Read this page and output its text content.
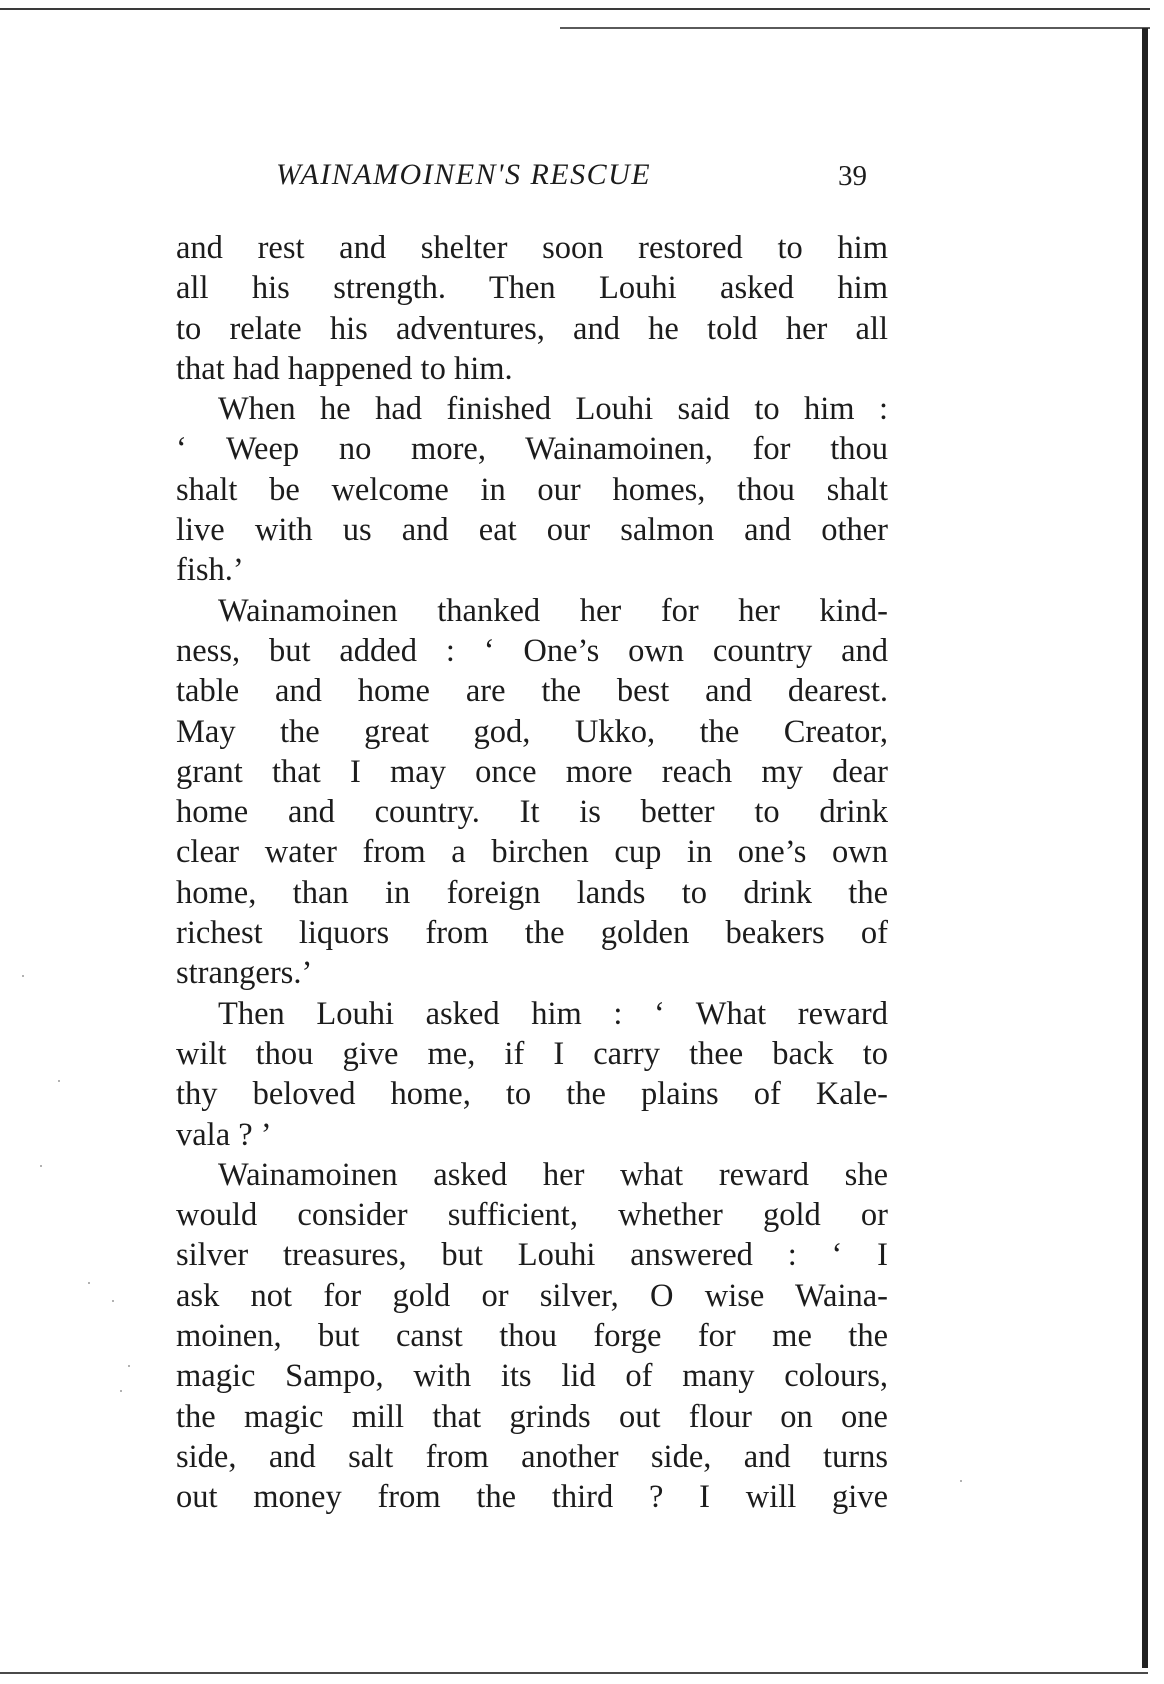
WAINAMOINEN'S RESCUE	39
and rest and shelter soon restored to him
all his strength. Then Louhi asked him
to relate his adventures, and he told her all
that had happened to him.
When he had finished Louhi said to him :
‘ Weep no more, Wainamoinen, for thou
shalt be welcome in our homes, thou shalt
live with us and eat our salmon and other
fish.’
Wainamoinen thanked her for her kind-
ness, but added : ‘ One’s own country and
table and home are the best and dearest.
May the great god, Ukko, the Creator,
grant that I may once more reach my dear
home and country. It is better to drink
clear water from a birchen cup in one’s own
home, than in foreign lands to drink the
richest liquors from the golden beakers of
strangers.’
Then Louhi asked him : ‘ What reward
wilt thou give me, if I carry thee back to
thy beloved home, to the plains of Kale-
vala ? ’
Wainamoinen asked her what reward she
would consider sufficient, whether gold or
silver treasures, but Louhi answered : ‘ I
ask not for gold or silver, O wise Waina-
moinen, but canst thou forge for me the
magic Sampo, with its lid of many colours,
the magic mill that grinds out flour on one
side, and salt from another side, and turns
out money from the third ? I will give
